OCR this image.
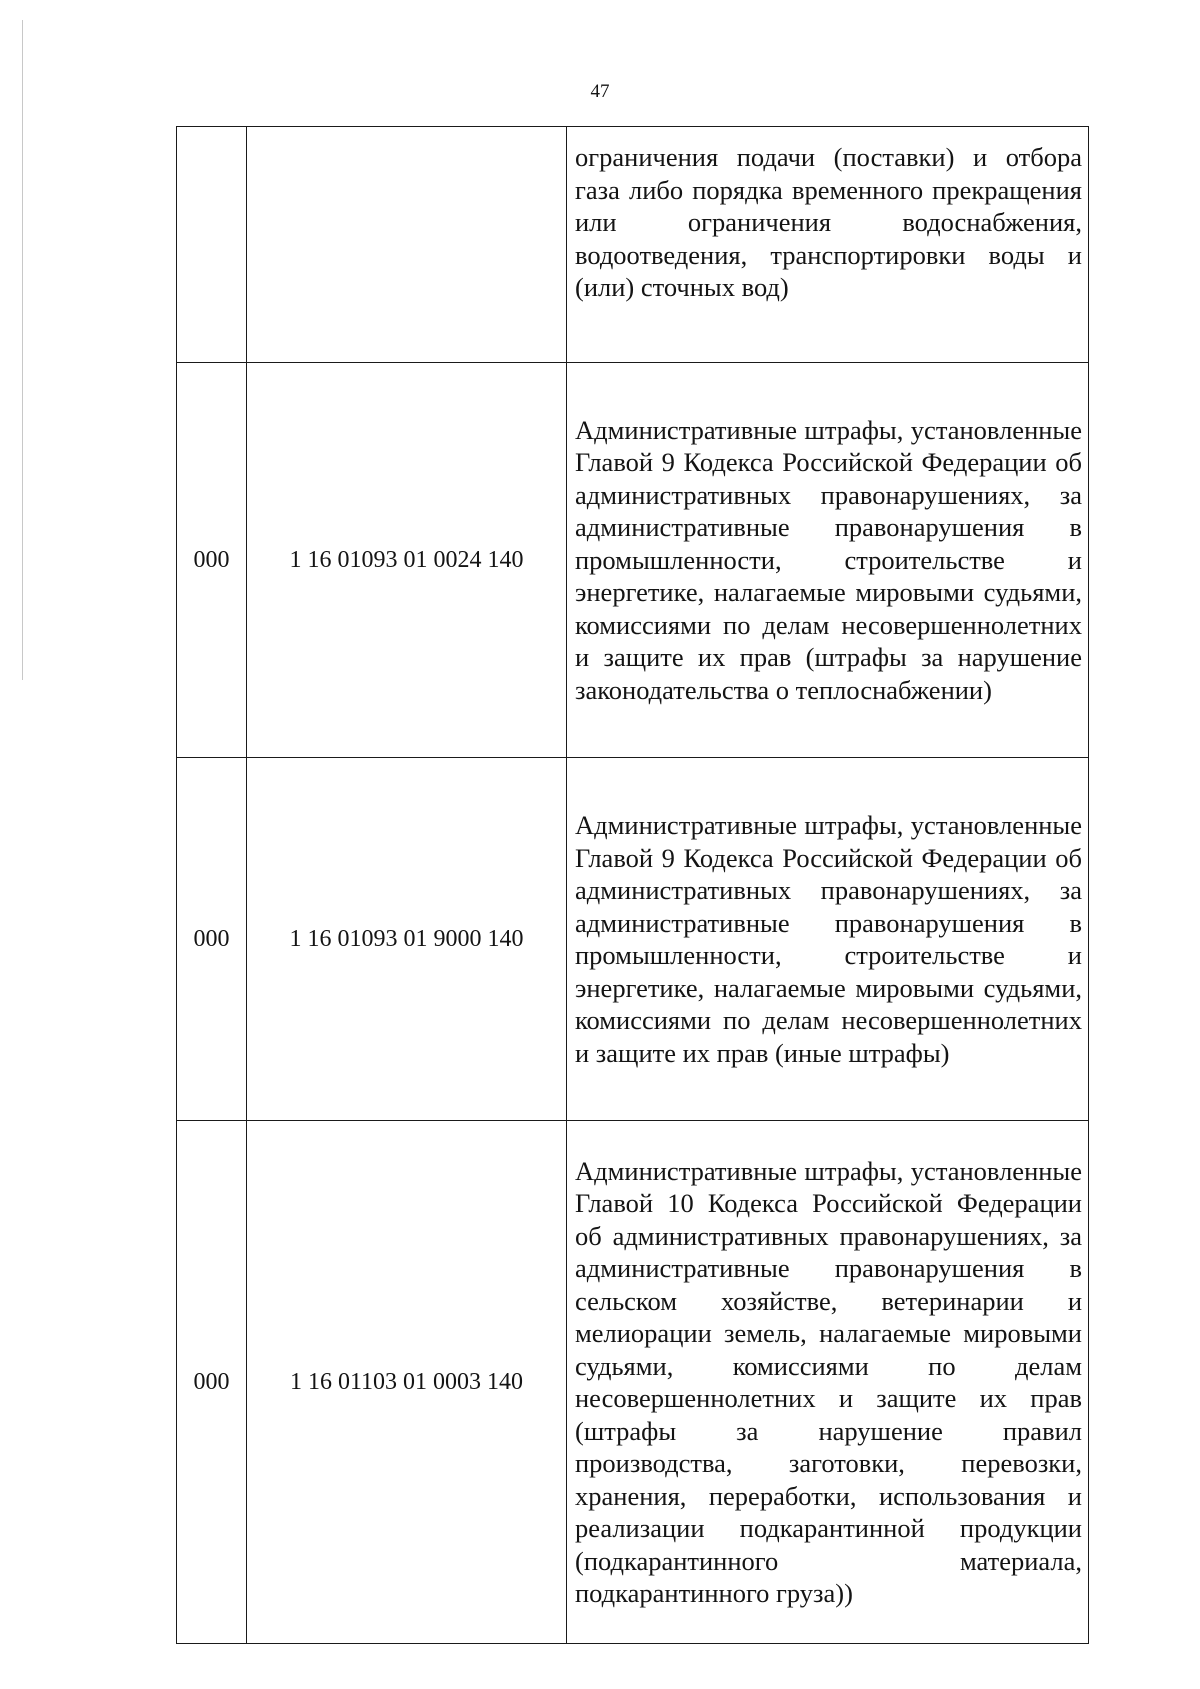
47
		ограничения подачи (поставки) и отбора газа либо порядка временного прекращения или ограничения водоснабжения, водоотведения, транспортировки воды и (или) сточных вод)
000	1 16 01093 01 0024 140	Административные штрафы, установленные Главой 9 Кодекса Российской Федерации об административных правонарушениях, за административные правонарушения в промышленности, строительстве и энергетике, налагаемые мировыми судьями, комиссиями по делам несовершеннолетних и защите их прав (штрафы за нарушение законодательства о теплоснабжении)
000	1 16 01093 01 9000 140	Административные штрафы, установленные Главой 9 Кодекса Российской Федерации об административных правонарушениях, за административные правонарушения в промышленности, строительстве и энергетике, налагаемые мировыми судьями, комиссиями по делам несовершеннолетних и защите их прав (иные штрафы)
000	1 16 01103 01 0003 140	Административные штрафы, установленные Главой 10 Кодекса Российской Федерации об административных правонарушениях, за административные правонарушения в сельском хозяйстве, ветеринарии и мелиорации земель, налагаемые мировыми судьями, комиссиями по делам несовершеннолетних и защите их прав (штрафы за нарушение правил производства, заготовки, перевозки, хранения, переработки, использования и реализации подкарантинной продукции (подкарантинного материала, подкарантинного груза))
